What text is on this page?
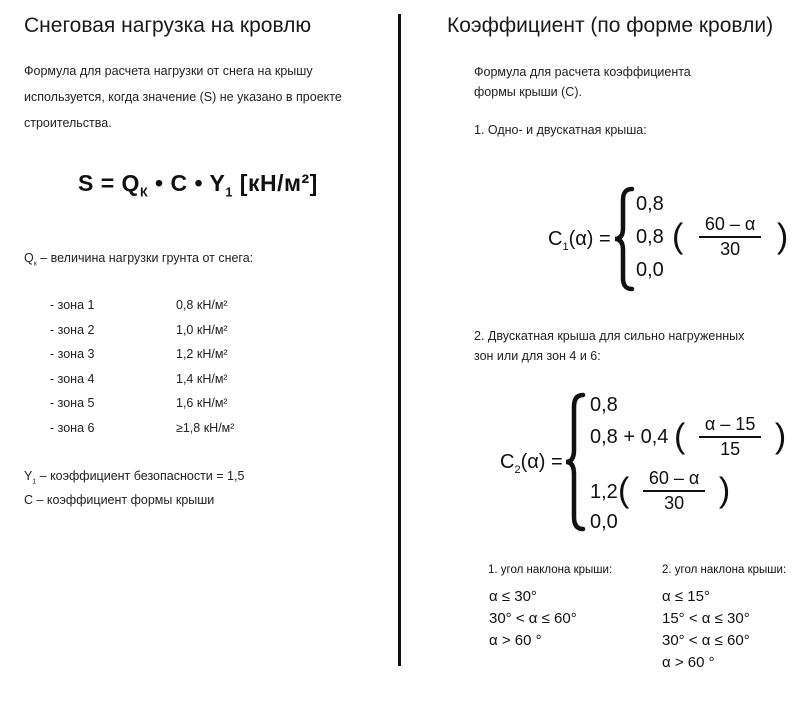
Снеговая нагрузка на кровлю
Формула для расчета нагрузки от снега на крышу
используется, когда значение (S) не указано в проекте
строительства.
$S = Q_К$ • C • $Y_1$ [кН/м²]
$Q_к$ – величина нагрузки грунта от снега:
- зона 1	0,8 кН/м²
- зона 2	1,0 кН/м²
- зона 3	1,2 кН/м²
- зона 4	1,4 кН/м²
- зона 5	1,6 кН/м²
- зона 6	≥1,8 кН/м²
$Y_1$ – коэффициент безопасности = 1,5
C – коэффициент формы крыши
Коэффициент (по форме кровли)
Формула для расчета коэффициента
формы крыши (C).
1. Одно- и двускатная крыша:
$C_1(\alpha)$ =
0,8
0,8 ( $\frac{60 - \alpha}{30}$ )
0,0
2. Двускатная крыша для сильно нагруженных
зон или для зон 4 и 6:
$C_2(\alpha)$ =
0,8
0,8 + 0,4 ( $\frac{\alpha - 15}{15}$ )
1,2 ( $\frac{60 - \alpha}{30}$ )
0,0
1. угол наклона крыши:
α ≤ 30°
30° < α ≤ 60°
α > 60 °
2. угол наклона крыши:
α ≤ 15°
15° < α ≤ 30°
30° < α ≤ 60°
α > 60 °
